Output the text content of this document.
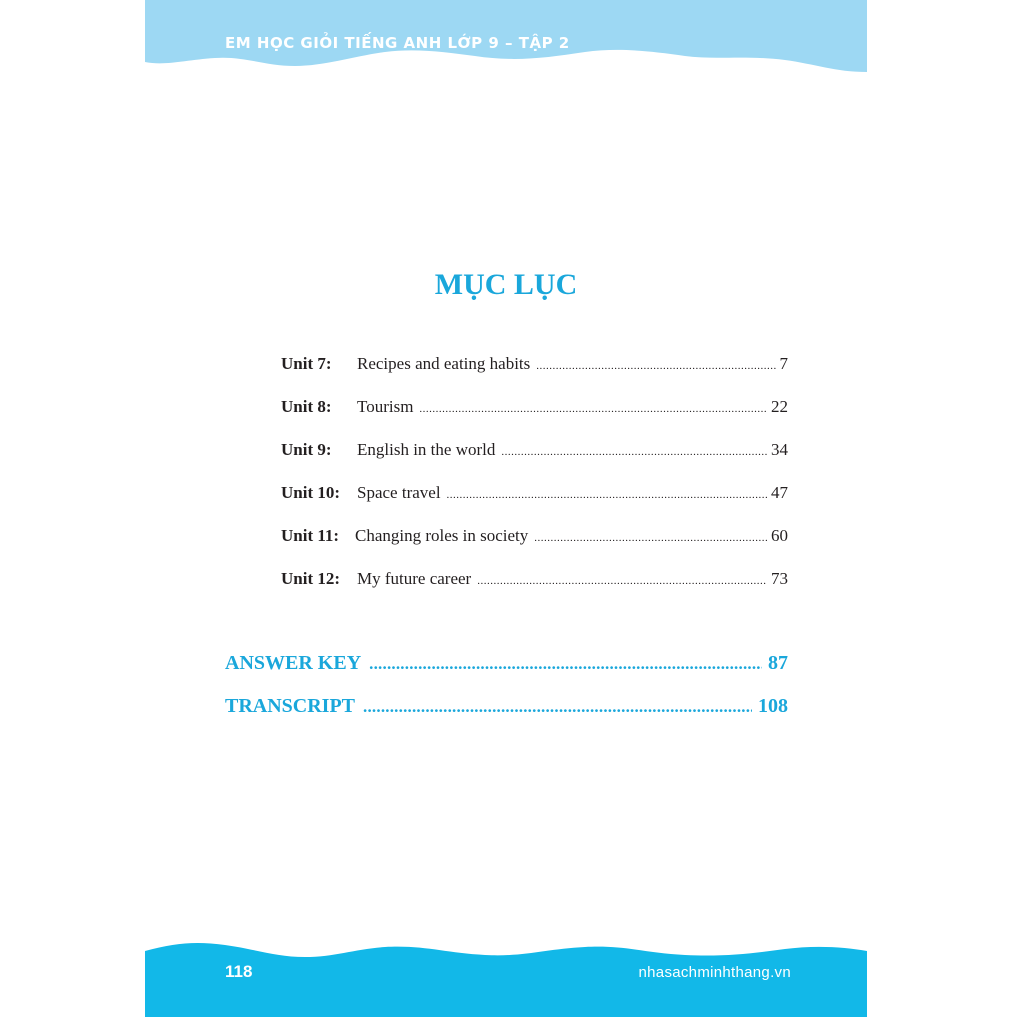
EM HỌC GIỎI TIẾNG ANH LỚP 9 – TẬP 2
MỤC LỤC
Unit 7: Recipes and eating habits .....	7
Unit 8: Tourism .....	22
Unit 9: English in the world .....	34
Unit 10: Space travel .....	47
Unit 11: Changing roles in society .....	60
Unit 12: My future career .....	73
ANSWER KEY .....	87
TRANSCRIPT .....	108
118	nhasachminhthang.vn
